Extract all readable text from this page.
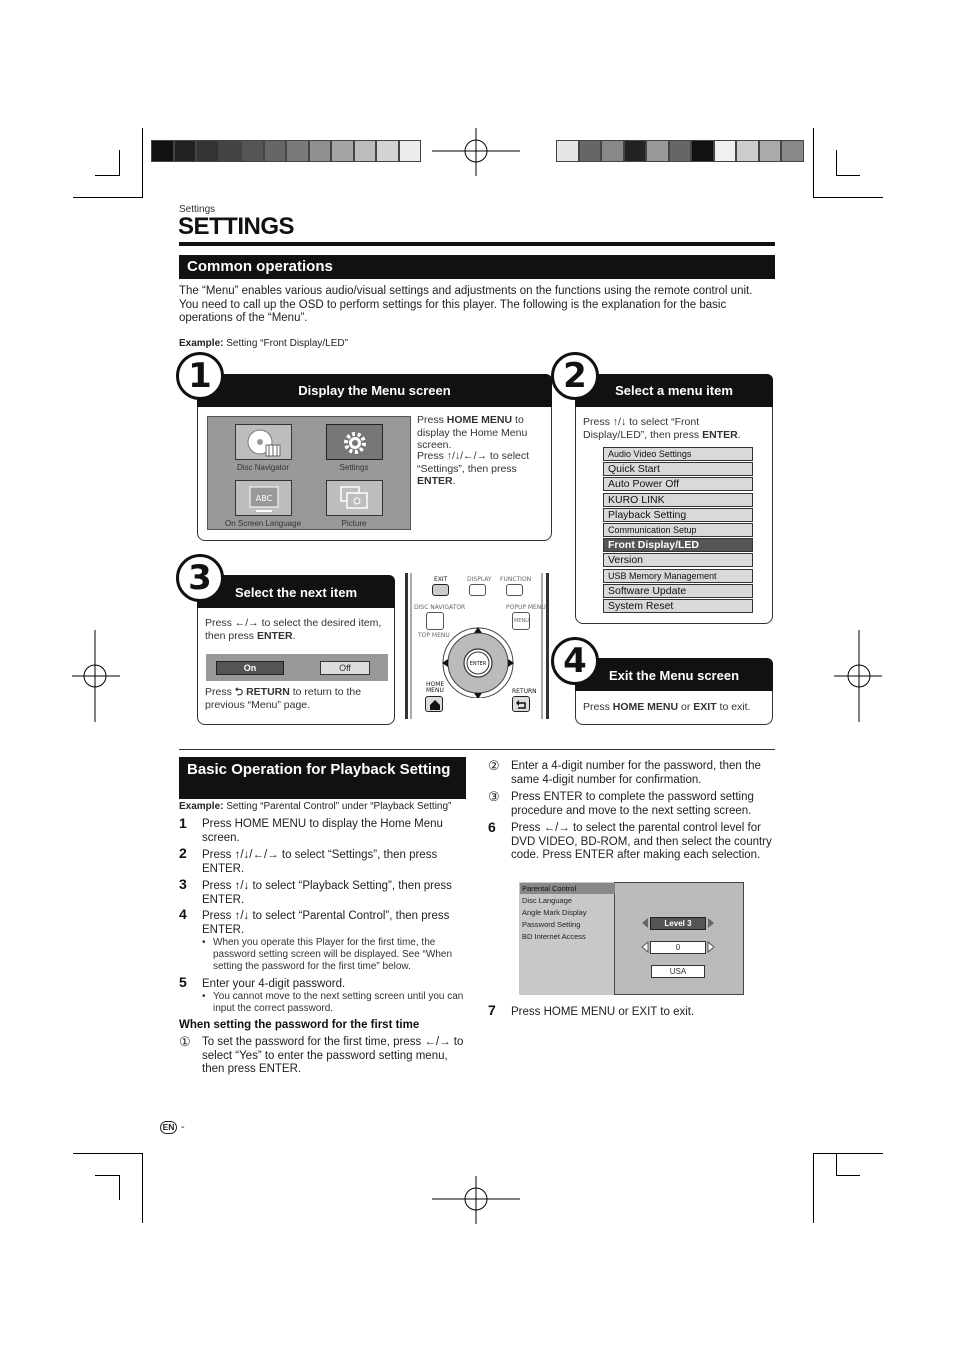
Settings
SETTINGS
Common operations
The “Menu” enables various audio/visual settings and adjustments on the functions using the remote control unit. You need to call up the OSD to perform settings for this player. The following is the explanation for the basic operations of the “Menu”.
Example: Setting “Front Display/LED”
Display the Menu screen
1
Disc Navigator	Settings
ABC
On Screen Language	Picture
Press HOME MENU to display the Home Menu screen.
Press ↑/↓/←/→ to select “Settings”, then press ENTER.
Select a menu item
2
Press ↑/↓ to select “Front Display/LED”, then press ENTER.
Audio Video Settings
Quick Start
Auto Power Off
KURO LINK
Playback Setting
Communication Setup
Front Display/LED
Version
USB Memory Management
Software Update
System Reset
Select the next item
3
Press ←/→ to select the desired item, then press ENTER.
On	Off
Press ⮌ RETURN to return to the previous “Menu” page.
EXIT	DISPLAY FUNCTION
DISC NAVIGATOR	POPUP MENU
TOP MENU
MENU
ENTER
HOME MENU	RETURN
Exit the Menu screen
4
Press HOME MENU or EXIT to exit.
Basic Operation for Playback Setting
Example: Setting “Parental Control” under “Playback Setting”
1 Press HOME MENU to display the Home Menu screen.
2 Press ↑/↓/←/→ to select “Settings”, then press ENTER.
3 Press ↑/↓ to select “Playback Setting”, then press ENTER.
4 Press ↑/↓ to select “Parental Control”, then press ENTER.
• When you operate this Player for the first time, the password setting screen will be displayed. See “When setting the password for the first time” below.
5 Enter your 4-digit password.
• You cannot move to the next setting screen until you can input the correct password.
When setting the password for the first time
① To set the password for the first time, press ←/→ to select “Yes” to enter the password setting menu, then press ENTER.
② Enter a 4-digit number for the password, then the same 4-digit number for confirmation.
③ Press ENTER to complete the password setting procedure and move to the next setting screen.
6 Press ←/→ to select the parental control level for DVD VIDEO, BD-ROM, and then select the country code. Press ENTER after making each selection.
Parental Control
Disc Language
Angle Mark Display
Password Setting
BD Internet Access
Level 3
0
USA
7 Press HOME MENU or EXIT to exit.
EN -
